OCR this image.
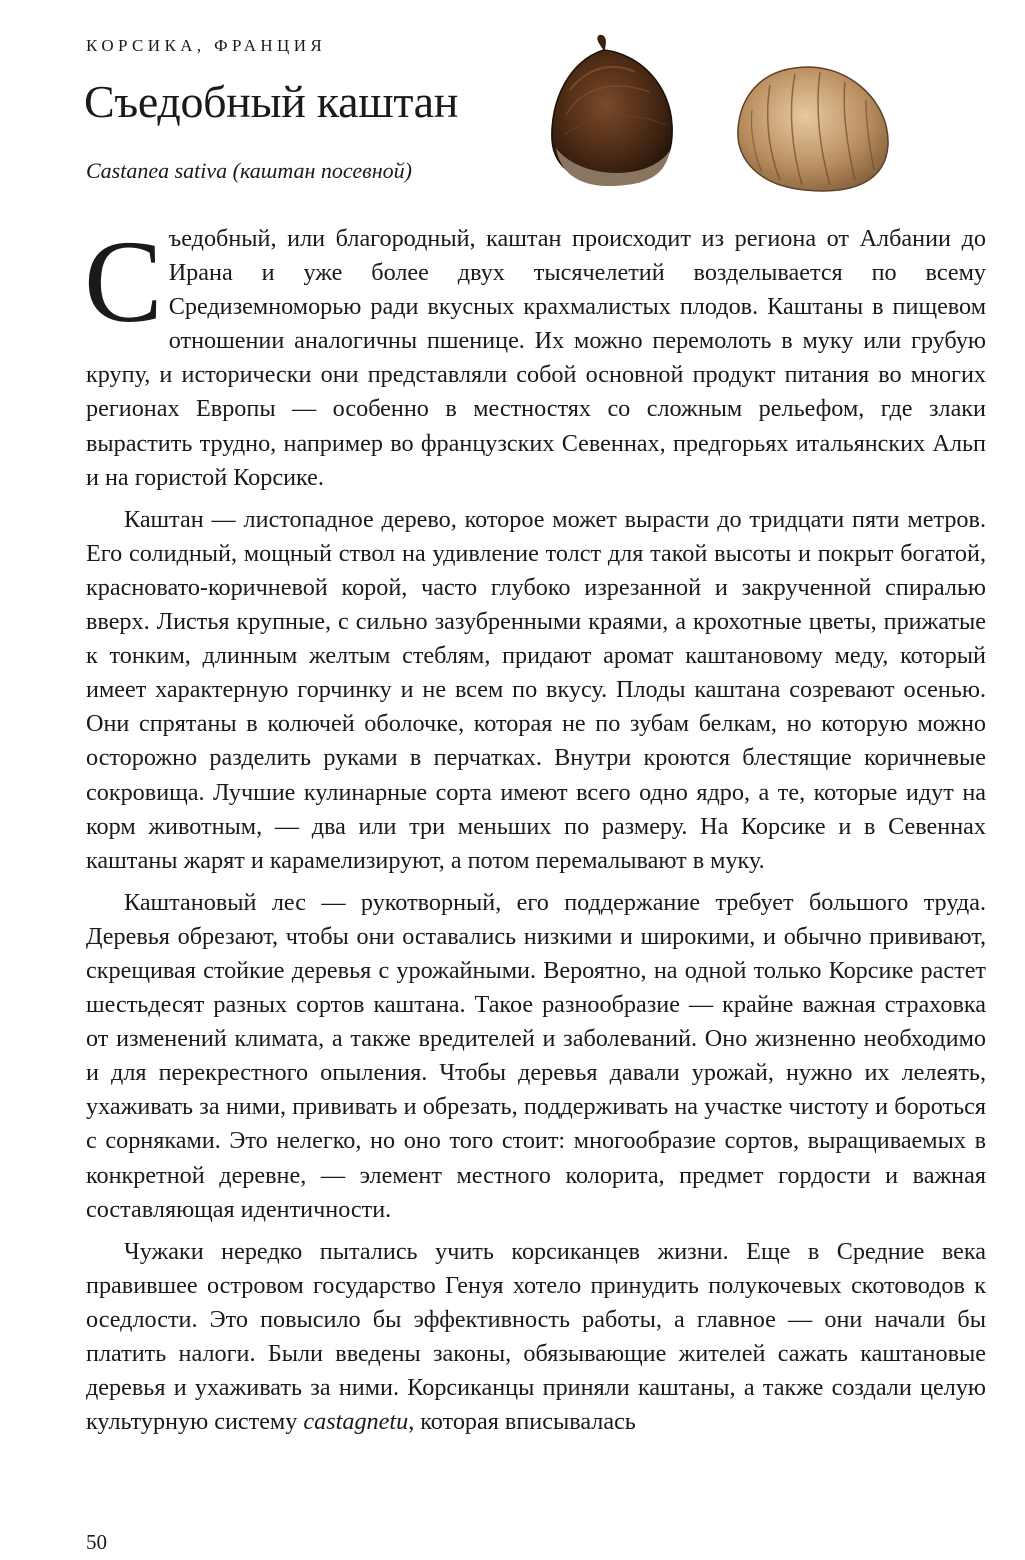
КОРСИКА, ФРАНЦИЯ
Съедобный каштан
Castanea sativa (каштан посевной)

Съедобный, или благородный, каштан происходит из региона от Албании до Ирана и уже более двух тысячелетий возделывается по всему Средиземноморью ради вкусных крахмалистых плодов. Каштаны в пищевом отношении аналогичны пшенице. Их можно перемолоть в муку или грубую крупу, и исторически они представляли собой основной продукт питания во многих регионах Европы — особенно в местностях со сложным рельефом, где злаки вырастить трудно, например во французских Севеннах, предгорьях итальянских Альп и на гористой Корсике.

Каштан — листопадное дерево, которое может вырасти до тридцати пяти метров. Его солидный, мощный ствол на удивление толст для такой высоты и покрыт богатой, красновато-коричневой корой, часто глубоко изрезанной и закрученной спиралью вверх. Листья крупные, с сильно зазубренными краями, а крохотные цветы, прижатые к тонким, длинным желтым стеблям, придают аромат каштановому меду, который имеет характерную горчинку и не всем по вкусу. Плоды каштана созревают осенью. Они спрятаны в колючей оболочке, которая не по зубам белкам, но которую можно осторожно разделить руками в перчатках. Внутри кроются блестящие коричневые сокровища. Лучшие кулинарные сорта имеют всего одно ядро, а те, которые идут на корм животным, — два или три меньших по размеру. На Корсике и в Севеннах каштаны жарят и карамелизируют, а потом перемалывают в муку.

Каштановый лес — рукотворный, его поддержание требует большого труда. Деревья обрезают, чтобы они оставались низкими и широкими, и обычно прививают, скрещивая стойкие деревья с урожайными. Вероятно, на одной только Корсике растет шестьдесят разных сортов каштана. Такое разнообразие — крайне важная страховка от изменений климата, а также вредителей и заболеваний. Оно жизненно необходимо и для перекрестного опыления. Чтобы деревья давали урожай, нужно их лелеять, ухаживать за ними, прививать и обрезать, поддерживать на участке чистоту и бороться с сорняками. Это нелегко, но оно того стоит: многообразие сортов, выращиваемых в конкретной деревне, — элемент местного колорита, предмет гордости и важная составляющая идентичности.

Чужаки нередко пытались учить корсиканцев жизни. Еще в Средние века правившее островом государство Генуя хотело принудить полукочевых скотоводов к оседлости. Это повысило бы эффективность работы, а главное — они начали бы платить налоги. Были введены законы, обязывающие жителей сажать каштановые деревья и ухаживать за ними. Корсиканцы приняли каштаны, а также создали целую культурную систему castagnetu, которая вписывалась

50
